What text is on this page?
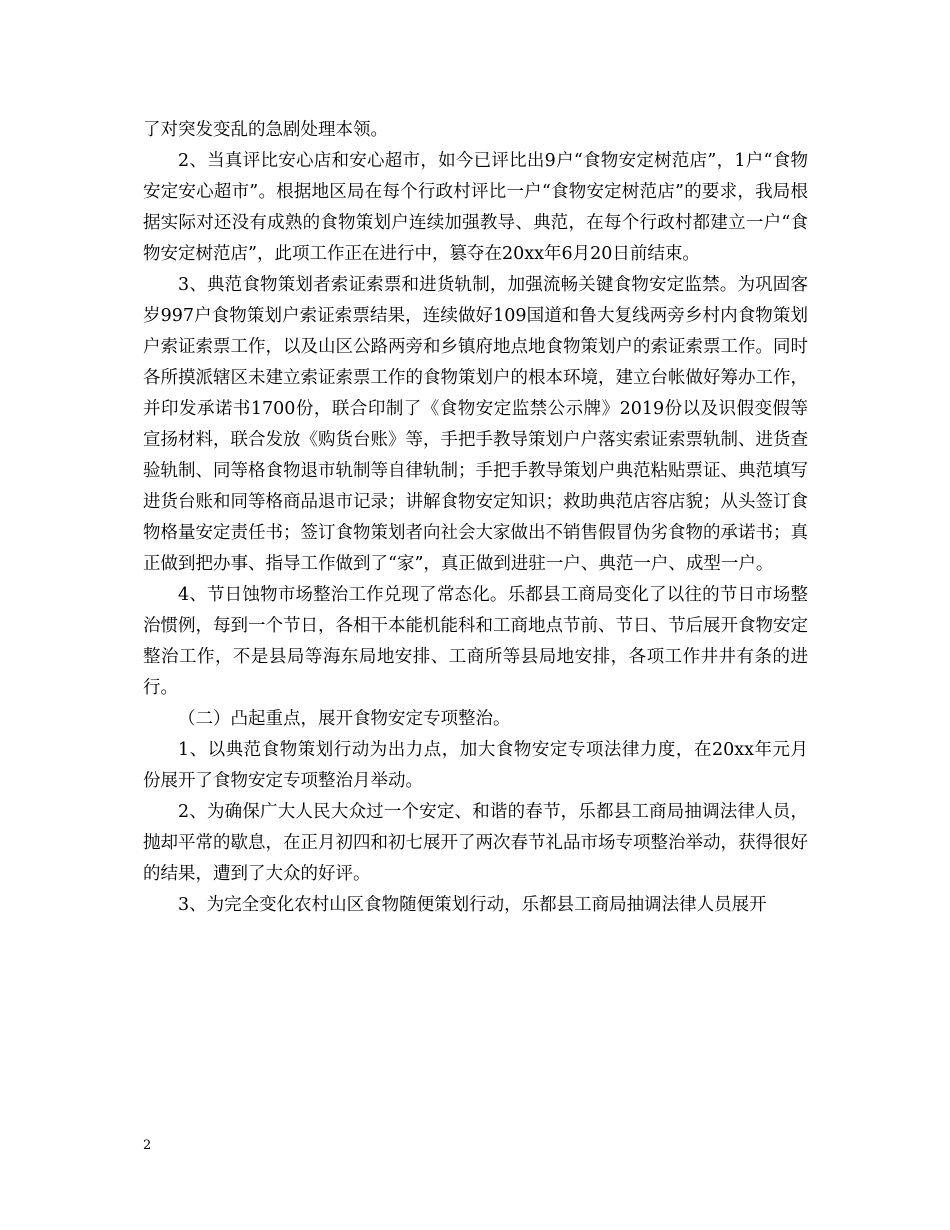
了对突发变乱的急剧处理本领。

2、当真评比安心店和安心超市，如今已评比出9户“食物安定树范店”，1户“食物安定安心超市”。根据地区局在每个行政村评比一户“食物安定树范店”的要求，我局根据实际对还没有成熟的食物策划户连续加强教导、典范，在每个行政村都建立一户“食物安定树范店”，此项工作正在进行中，篡夺在20xx年6月20日前结束。

3、典范食物策划者索证索票和进货轨制，加强流畅关键食物安定监禁。为巩固客岁997户食物策划户索证索票结果，连续做好109国道和鲁大复线两旁乡村内食物策划户索证索票工作，以及山区公路两旁和乡镇府地点地食物策划户的索证索票工作。同时各所摸派辖区未建立索证索票工作的食物策划户的根本环境，建立台帐做好筹办工作，并印发承诺书1700份，联合印制了《食物安定监禁公示牌》2019份以及识假变假等宣扬材料，联合发放《购货台账》等，手把手教导策划户户落实索证索票轨制、进货查验轨制、同等格食物退市轨制等自律轨制；手把手教导策划户典范粘贴票证、典范填写进货台账和同等格商品退市记录；讲解食物安定知识；救助典范店容店貌；从头签订食物格量安定责任书；签订食物策划者向社会大家做出不销售假冒伪劣食物的承诺书；真正做到把办事、指导工作做到了“家”，真正做到进驻一户、典范一户、成型一户。

4、节日蚀物市场整治工作兑现了常态化。乐都县工商局变化了以往的节日市场整治惯例，每到一个节日，各相干本能机能科和工商地点节前、节日、节后展开食物安定整治工作，不是县局等海东局地安排、工商所等县局地安排，各项工作井井有条的进行。

（二）凸起重点，展开食物安定专项整治。

1、以典范食物策划行动为出力点，加大食物安定专项法律力度，在20xx年元月份展开了食物安定专项整治月举动。

2、为确保广大人民大众过一个安定、和谐的春节，乐都县工商局抽调法律人员，抛却平常的歇息，在正月初四和初七展开了两次春节礼品市场专项整治举动，获得很好的结果，遭到了大众的好评。

3、为完全变化农村山区食物随便策划行动，乐都县工商局抽调法律人员展开

2
